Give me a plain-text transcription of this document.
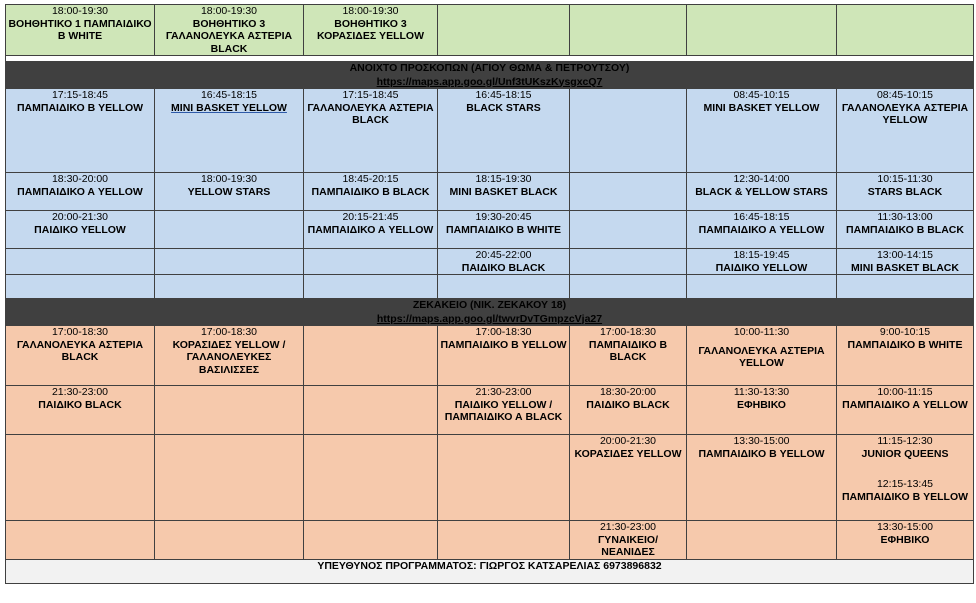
18:00-19:30
ΒΟΗΘΗΤΙΚΟ 1 ΠΑΜΠΑΙΔΙΚΟ Β WHITE	18:00-19:30
ΒΟΗΘΗΤΙΚΟ 3 ΓΑΛΑΝΟΛΕΥΚΑ ΑΣΤΕΡΙΑ BLACK	18:00-19:30
ΒΟΗΘΗΤΙΚΟ 3 ΚΟΡΑΣΙΔΕΣ YELLOW				

ΑΝΟΙΧΤΟ ΠΡΟΣΚΟΠΩΝ (ΑΓΙΟΥ ΘΩΜΑ & ΠΕΤΡΟΥΤΣΟΥ)						
https://maps.app.goo.gl/Unf3tUKszKysgxcQ7						

17:15-18:45
ΠΑΜΠΑΙΔΙΚΟ Β YELLOW	16:45-18:15
MINI BASKET YELLOW	17:15-18:45
ΓΑΛΑΝΟΛΕΥΚΑ ΑΣΤΕΡΙΑ BLACK	16:45-18:15
BLACK STARS		08:45-10:15
MINI BASKET YELLOW	08:45-10:15
ΓΑΛΑΝΟΛΕΥΚΑ ΑΣΤΕΡΙΑ YELLOW

18:30-20:00
ΠΑΜΠΑΙΔΙΚΟ Α YELLOW	18:00-19:30
YELLOW STARS	18:45-20:15
ΠΑΜΠΑΙΔΙΚΟ Β BLACK	18:15-19:30
MINI BASKET BLACK		12:30-14:00
BLACK & YELLOW STARS	10:15-11:30
STARS BLACK

20:00-21:30
ΠΑΙΔΙΚΟ YELLOW		20:15-21:45
ΠΑΜΠΑΙΔΙΚΟ Α YELLOW	19:30-20:45
ΠΑΜΠΑΙΔΙΚΟ Β WHITE		16:45-18:15
ΠΑΜΠΑΙΔΙΚΟ Α YELLOW	11:30-13:00
ΠΑΜΠΑΙΔΙΚΟ Β BLACK

			20:45-22:00
ΠΑΙΔΙΚΟ BLACK		18:15-19:45
ΠΑΙΔΙΚΟ YELLOW	13:00-14:15
MINI BASKET BLACK

ΖΕΚΑΚΕΙΟ (ΝΙΚ. ΖΕΚΑΚΟΥ 18)						
https://maps.app.goo.gl/twvrDvTGmpzcVja27						

17:00-18:30
ΓΑΛΑΝΟΛΕΥΚΑ ΑΣΤΕΡΙΑ BLACK	17:00-18:30
ΚΟΡΑΣΙΔΕΣ YELLOW / ΓΑΛΑΝΟΛΕΥΚΕΣ ΒΑΣΙΛΙΣΣΕΣ		17:00-18:30
ΠΑΜΠΑΙΔΙΚΟ Β YELLOW	17:00-18:30
ΠΑΜΠΑΙΔΙΚΟ Β BLACK	10:00-11:30
ΓΑΛΑΝΟΛΕΥΚΑ ΑΣΤΕΡΙΑ YELLOW	9:00-10:15
ΠΑΜΠΑΙΔΙΚΟ Β WHITE

21:30-23:00
ΠΑΙΔΙΚΟ BLACK			21:30-23:00
ΠΑΙΔΙΚΟ YELLOW / ΠΑΜΠΑΙΔΙΚΟ Α BLACK	18:30-20:00
ΠΑΙΔΙΚΟ BLACK	11:30-13:30
ΕΦΗΒΙΚΟ	10:00-11:15
ΠΑΜΠΑΙΔΙΚΟ Α YELLOW

				20:00-21:30
ΚΟΡΑΣΙΔΕΣ YELLOW	13:30-15:00
ΠΑΜΠΑΙΔΙΚΟ Β YELLOW	11:15-12:30
JUNIOR QUEENS
12:15-13:45
ΠΑΜΠΑΙΔΙΚΟ Β YELLOW

				21:30-23:00
ΓΥΝΑΙΚΕΙΟ/ ΝΕΑΝΙΔΕΣ		13:30-15:00
ΕΦΗΒΙΚΟ

ΥΠΕΥΘΥΝΟΣ ΠΡΟΓΡΑΜΜΑΤΟΣ: ΓΙΩΡΓΟΣ ΚΑΤΣΑΡΕΛΙΑΣ 6973896832						
